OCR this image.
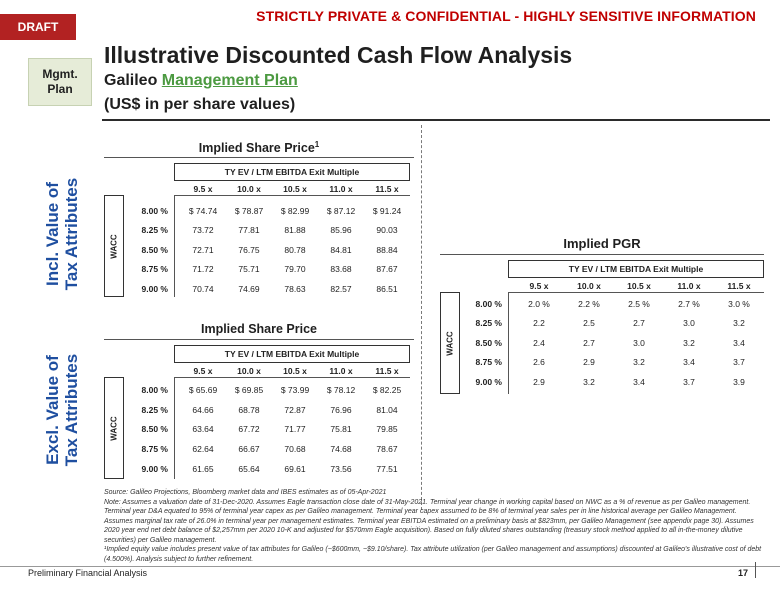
DRAFT
STRICTLY PRIVATE & CONFIDENTIAL - HIGHLY SENSITIVE INFORMATION
Mgmt.
Plan
Illustrative Discounted Cash Flow Analysis
Galileo Management Plan
(US$ in per share values)
Incl. Value of Tax Attributes
Excl. Value of Tax Attributes
Implied Share Price$^1$
TY EV / LTM EBITDA Exit Multiple
9.5 x	10.0 x	10.5 x	11.0 x	11.5 x
WACC
8.00 %	$ 74.74	$ 78.87	$ 82.99	$ 87.12	$ 91.24
8.25 %	73.72	77.81	81.88	85.96	90.03
8.50 %	72.71	76.75	80.78	84.81	88.84
8.75 %	71.72	75.71	79.70	83.68	87.67
9.00 %	70.74	74.69	78.63	82.57	86.51
Implied Share Price
TY EV / LTM EBITDA Exit Multiple
9.5 x	10.0 x	10.5 x	11.0 x	11.5 x
WACC
8.00 %	$ 65.69	$ 69.85	$ 73.99	$ 78.12	$ 82.25
8.25 %	64.66	68.78	72.87	76.96	81.04
8.50 %	63.64	67.72	71.77	75.81	79.85
8.75 %	62.64	66.67	70.68	74.68	78.67
9.00 %	61.65	65.64	69.61	73.56	77.51
Implied PGR
TY EV / LTM EBITDA Exit Multiple
9.5 x	10.0 x	10.5 x	11.0 x	11.5 x
WACC
8.00 %	2.0 %	2.2 %	2.5 %	2.7 %	3.0 %
8.25 %	2.2	2.5	2.7	3.0	3.2
8.50 %	2.4	2.7	3.0	3.2	3.4
8.75 %	2.6	2.9	3.2	3.4	3.7
9.00 %	2.9	3.2	3.4	3.7	3.9
Source: Galileo Projections, Bloomberg market data and IBES estimates as of 05-Apr-2021
Note: Assumes a valuation date of 31-Dec-2020. Assumes Eagle transaction close date of 31-May-2021. Terminal year change in working capital based on NWC as a % of revenue as per Galileo management. Terminal year D&A equated to 95% of terminal year capex as per Galileo management. Terminal year capex assumed to be 8% of terminal year sales per in line historical average per Galileo Management. Assumes marginal tax rate of 26.0% in terminal year per management estimates. Terminal year EBITDA estimated on a preliminary basis at $823mm, per Galileo Management (see appendix page 30). Assumes 2020 year end net debt balance of $2,257mm per 2020 10-K and adjusted for $570mm Eagle acquisition). Based on fully diluted shares outstanding (treasury stock method applied to all in-the-money dilutive securities) per Galileo management.
¹Implied equity value includes present value of tax attributes for Galileo (~$600mm, ~$9.10/share). Tax attribute utilization (per Galileo management and assumptions) discounted at Galileo's illustrative cost of debt (4.500%). Analysis subject to further refinement.
Preliminary Financial Analysis	17
